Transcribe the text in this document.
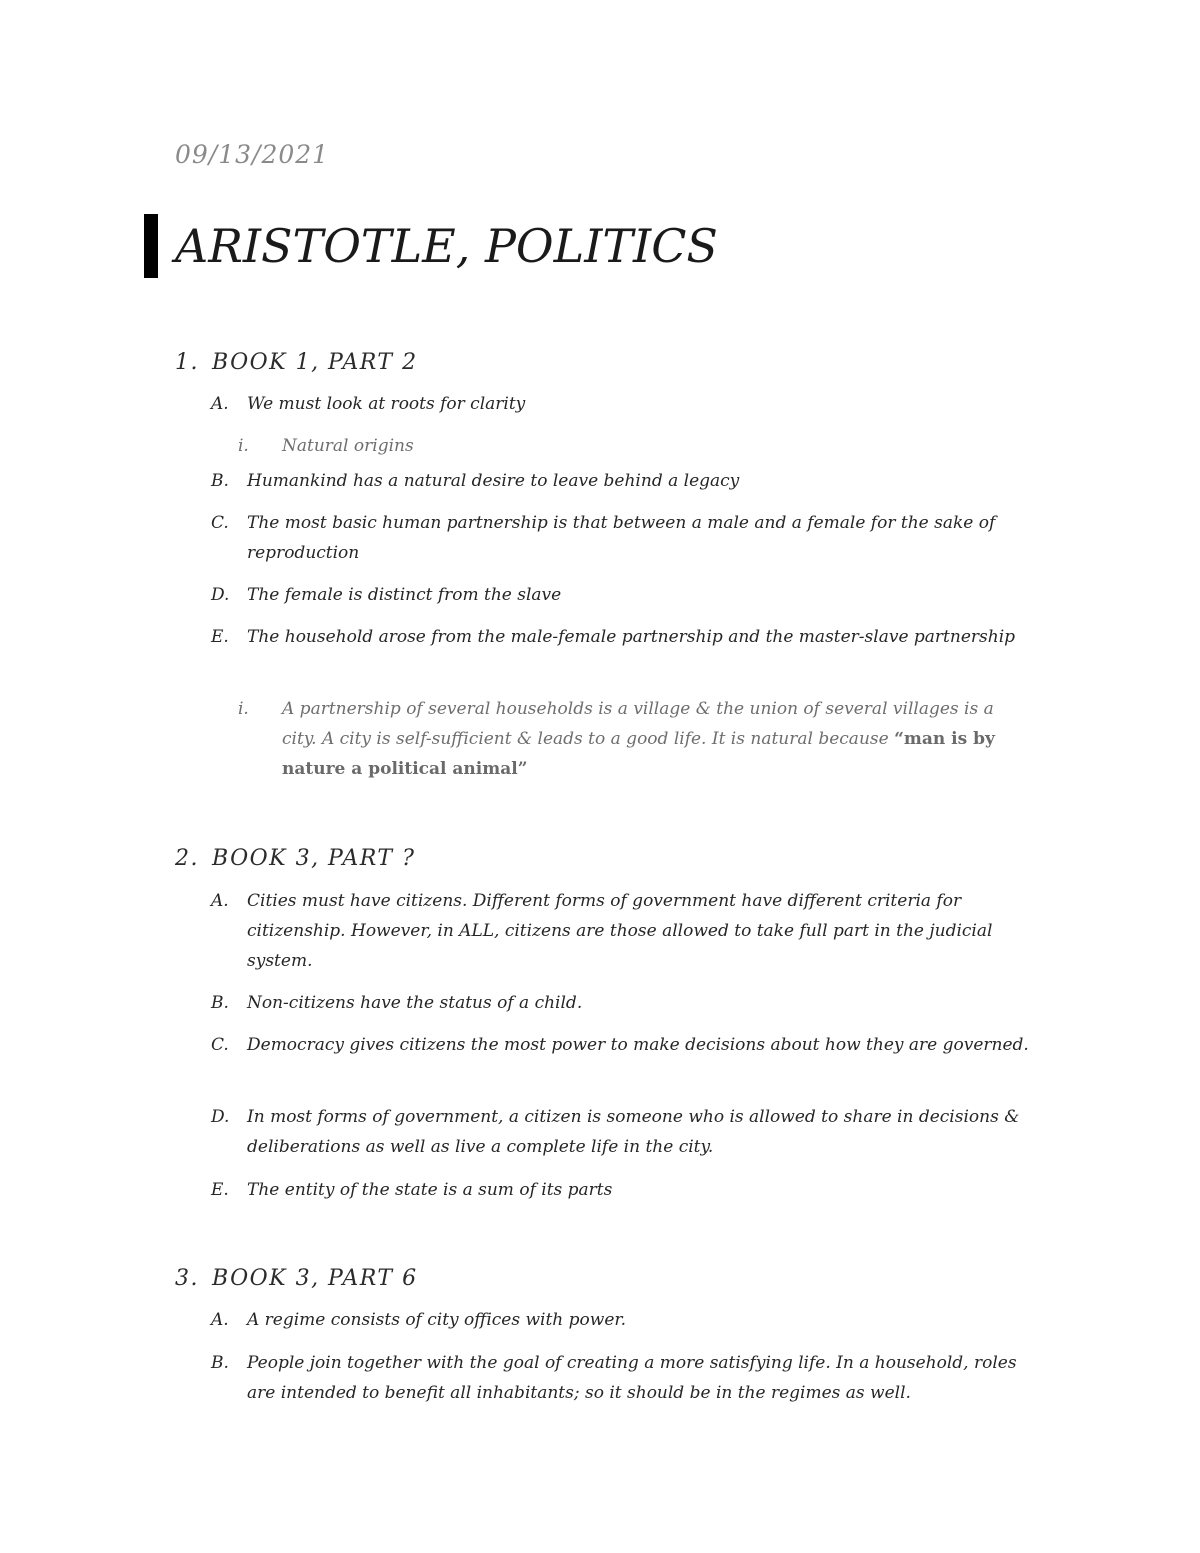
09/13/2021
ARISTOTLE, POLITICS
1. BOOK 1, PART 2
A.	We must look at roots for clarity
i.	Natural origins
B.	Humankind has a natural desire to leave behind a legacy
C.	The most basic human partnership is that between a male and a female for the sake of reproduction
D.	The female is distinct from the slave
E.	The household arose from the male-female partnership and the master-slave partnership
i.	A partnership of several households is a village & the union of several villages is a city. A city is self-sufficient & leads to a good life. It is natural because “man is by nature a political animal”
2. BOOK 3, PART ?
A.	Cities must have citizens. Different forms of government have different criteria for citizenship. However, in ALL, citizens are those allowed to take full part in the judicial system.
B.	Non-citizens have the status of a child.
C.	Democracy gives citizens the most power to make decisions about how they are governed.
D.	In most forms of government, a citizen is someone who is allowed to share in decisions & deliberations as well as live a complete life in the city.
E.	The entity of the state is a sum of its parts
3. BOOK 3, PART 6
A.	A regime consists of city offices with power.
B.	People join together with the goal of creating a more satisfying life. In a household, roles are intended to benefit all inhabitants; so it should be in the regimes as well.
